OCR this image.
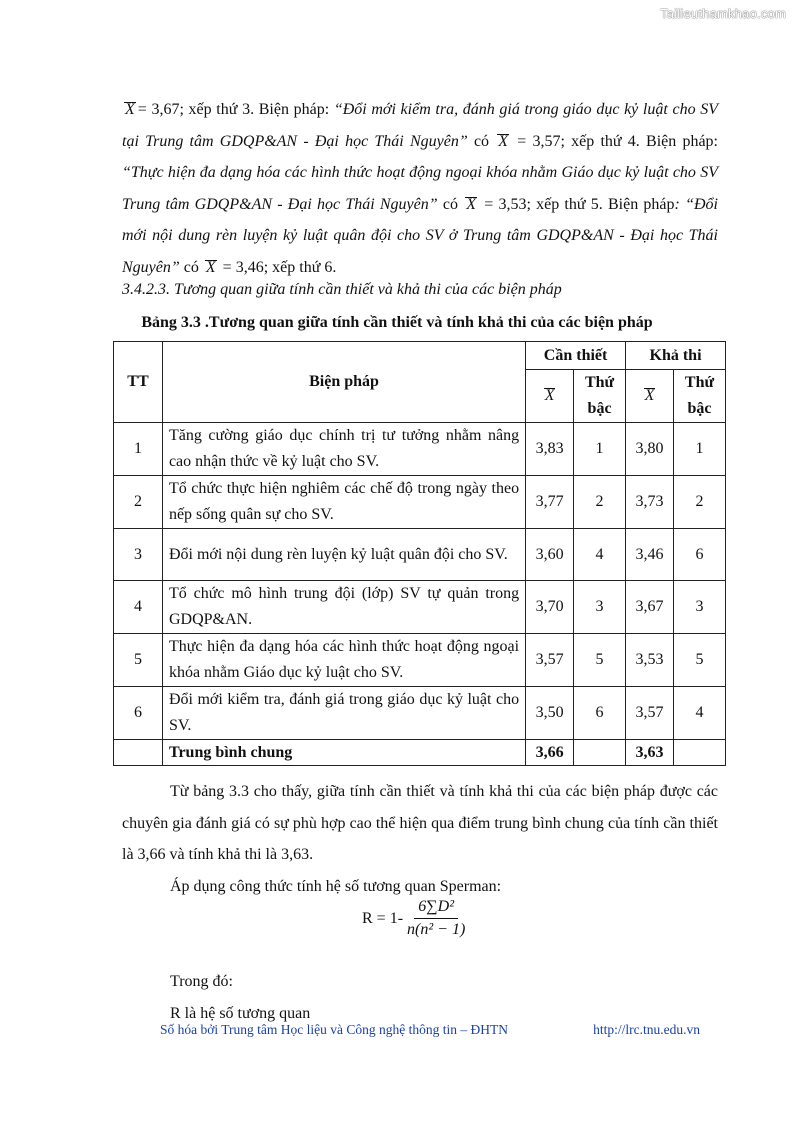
Tailieuthamkhao.com

X = 3,67; xếp thứ 3. Biện pháp: “Đổi mới kiểm tra, đánh giá trong giáo dục kỷ luật cho SV tại Trung tâm GDQP&AN - Đại học Thái Nguyên” có X = 3,57; xếp thứ 4. Biện pháp: “Thực hiện đa dạng hóa các hình thức hoạt động ngoại khóa nhằm Giáo dục kỷ luật cho SV Trung tâm GDQP&AN - Đại học Thái Nguyên” có X = 3,53; xếp thứ 5. Biện pháp: “Đổi mới nội dung rèn luyện kỷ luật quân đội cho SV ở Trung tâm GDQP&AN - Đại học Thái Nguyên” có X = 3,46; xếp thứ 6.

3.4.2.3. Tương quan giữa tính cần thiết và khả thi của các biện pháp
Bảng 3.3 .Tương quan giữa tính cần thiết và tính khả thi của các biện pháp
TT	Biện pháp	Cần thiết		Khả thi	
		X	Thứ bậc	X	Thứ bậc
1	Tăng cường giáo dục chính trị tư tưởng nhằm nâng cao nhận thức về kỷ luật cho SV.	3,83	1	3,80	1
2	Tổ chức thực hiện nghiêm các chế độ trong ngày theo nếp sống quân sự cho SV.	3,77	2	3,73	2
3	Đổi mới nội dung rèn luyện kỷ luật quân đội cho SV.	3,60	4	3,46	6
4	Tổ chức mô hình trung đội (lớp) SV tự quản trong GDQP&AN.	3,70	3	3,67	3
5	Thực hiện đa dạng hóa các hình thức hoạt động ngoại khóa nhằm Giáo dục kỷ luật cho SV.	3,57	5	3,53	5
6	Đổi mới kiểm tra, đánh giá trong giáo dục kỷ luật cho SV.	3,50	6	3,57	4
	Trung bình chung	3,66		3,63	

Từ bảng 3.3 cho thấy, giữa tính cần thiết và tính khả thi của các biện pháp được các chuyên gia đánh giá có sự phù hợp cao thể hiện qua điểm trung bình chung của tính cần thiết là 3,66 và tính khả thi là 3,63.

Áp dụng công thức tính hệ số tương quan Sperman:

Trong đó:

R là hệ số tương quan

$R = 1- \frac{\text{6∑D²}}{\text{n(n² − 1)}}$
Số hóa bởi Trung tâm Học liệu và Công nghệ thông tin – ĐHTN	http://lrc.tnu.edu.vn
